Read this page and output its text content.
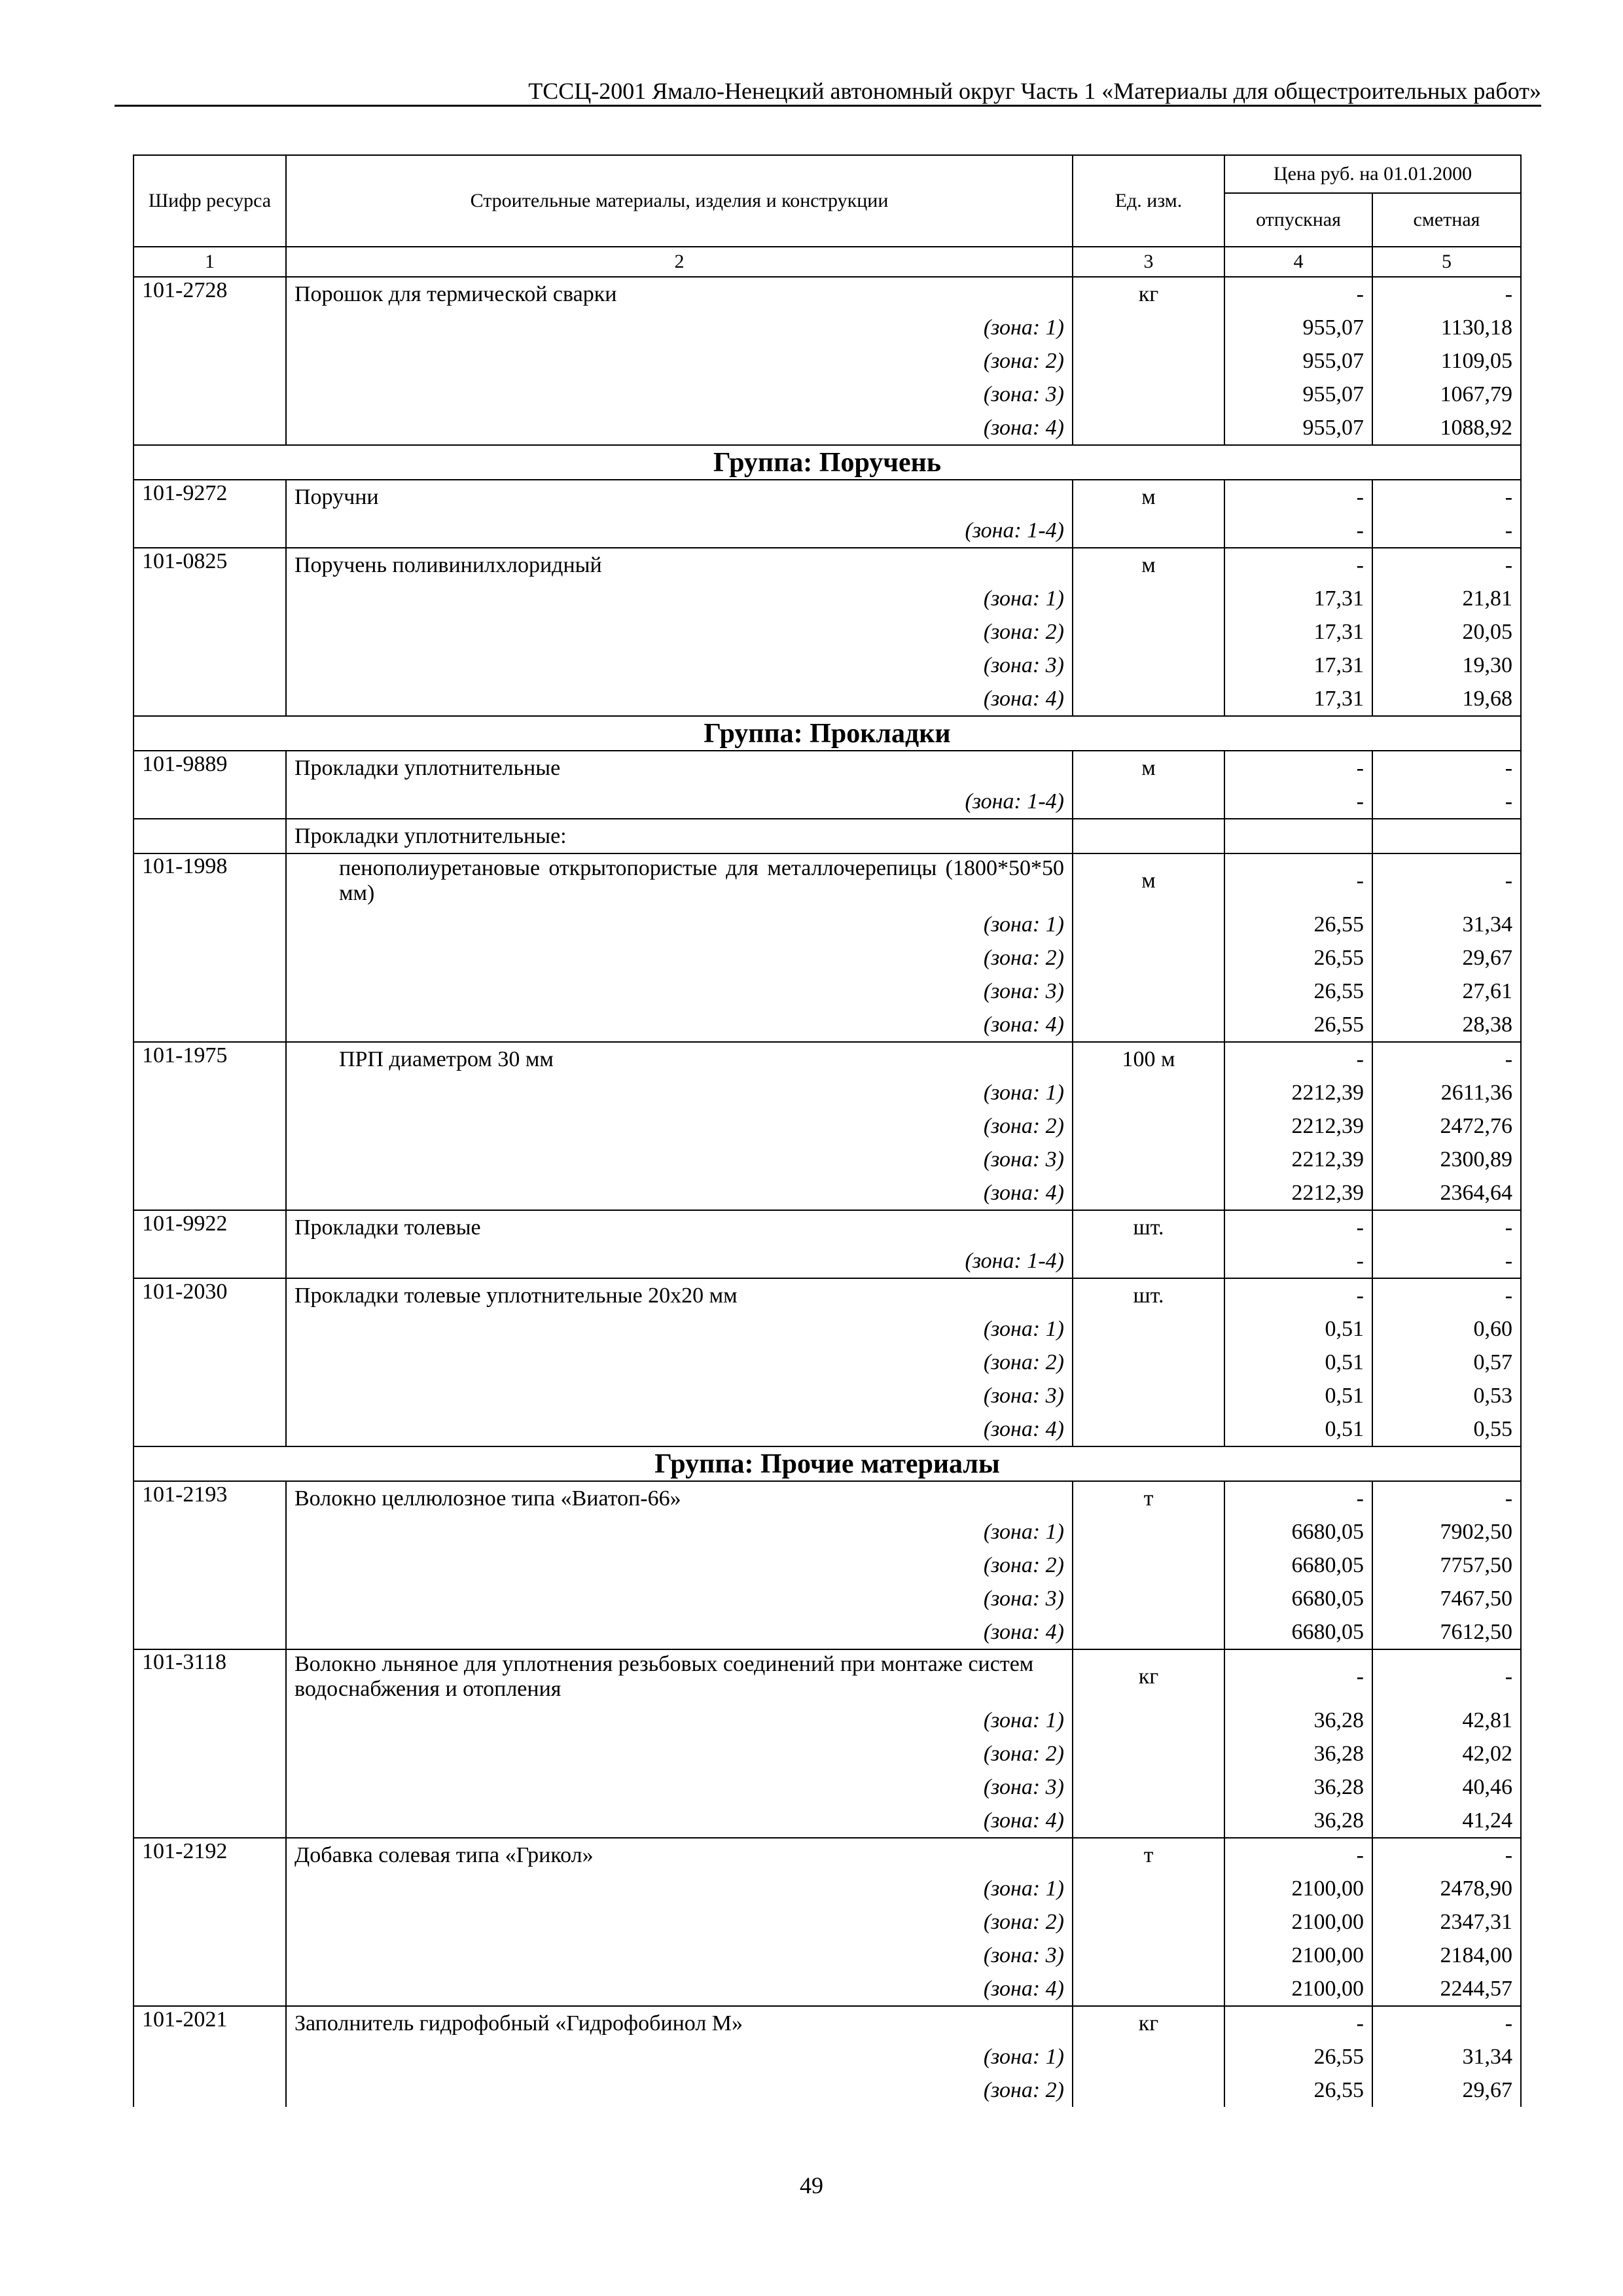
ТССЦ-2001 Ямало-Ненецкий автономный округ Часть 1 «Материалы для общестроительных работ»
Шифр ресурса	Строительные материалы, изделия и конструкции	Ед. изм.	Цена руб. на 01.01.2000	
			отпускная	сметная
1	2	3	4	5
101-2728	Порошок для термической сварки	кг	-	-
	(зона: 1)		955,07	1130,18
	(зона: 2)		955,07	1109,05
	(зона: 3)		955,07	1067,79
	(зона: 4)		955,07	1088,92
Группа: Поручень				
101-9272	Поручни	м	-	-
	(зона: 1-4)		-	-
101-0825	Поручень поливинилхлоридный	м	-	-
	(зона: 1)		17,31	21,81
	(зона: 2)		17,31	20,05
	(зона: 3)		17,31	19,30
	(зона: 4)		17,31	19,68
Группа: Прокладки				
101-9889	Прокладки уплотнительные	м	-	-
	(зона: 1-4)		-	-
	Прокладки уплотнительные:			
101-1998	пенополиуретановые открытопористые для металлочерепицы (1800*50*50 мм)	м	-	-
	(зона: 1)		26,55	31,34
	(зона: 2)		26,55	29,67
	(зона: 3)		26,55	27,61
	(зона: 4)		26,55	28,38
101-1975	ПРП диаметром 30 мм	100 м	-	-
	(зона: 1)		2212,39	2611,36
	(зона: 2)		2212,39	2472,76
	(зона: 3)		2212,39	2300,89
	(зона: 4)		2212,39	2364,64
101-9922	Прокладки толевые	шт.	-	-
	(зона: 1-4)		-	-
101-2030	Прокладки толевые уплотнительные 20х20 мм	шт.	-	-
	(зона: 1)		0,51	0,60
	(зона: 2)		0,51	0,57
	(зона: 3)		0,51	0,53
	(зона: 4)		0,51	0,55
Группа: Прочие материалы				
101-2193	Волокно целлюлозное типа «Виатоп-66»	т	-	-
	(зона: 1)		6680,05	7902,50
	(зона: 2)		6680,05	7757,50
	(зона: 3)		6680,05	7467,50
	(зона: 4)		6680,05	7612,50
101-3118	Волокно льняное для уплотнения резьбовых соединений при монтаже систем водоснабжения и отопления	кг	-	-
	(зона: 1)		36,28	42,81
	(зона: 2)		36,28	42,02
	(зона: 3)		36,28	40,46
	(зона: 4)		36,28	41,24
101-2192	Добавка солевая типа «Грикол»	т	-	-
	(зона: 1)		2100,00	2478,90
	(зона: 2)		2100,00	2347,31
	(зона: 3)		2100,00	2184,00
	(зона: 4)		2100,00	2244,57
101-2021	Заполнитель гидрофобный «Гидрофобинол М»	кг	-	-
	(зона: 1)		26,55	31,34
	(зона: 2)		26,55	29,67
49
